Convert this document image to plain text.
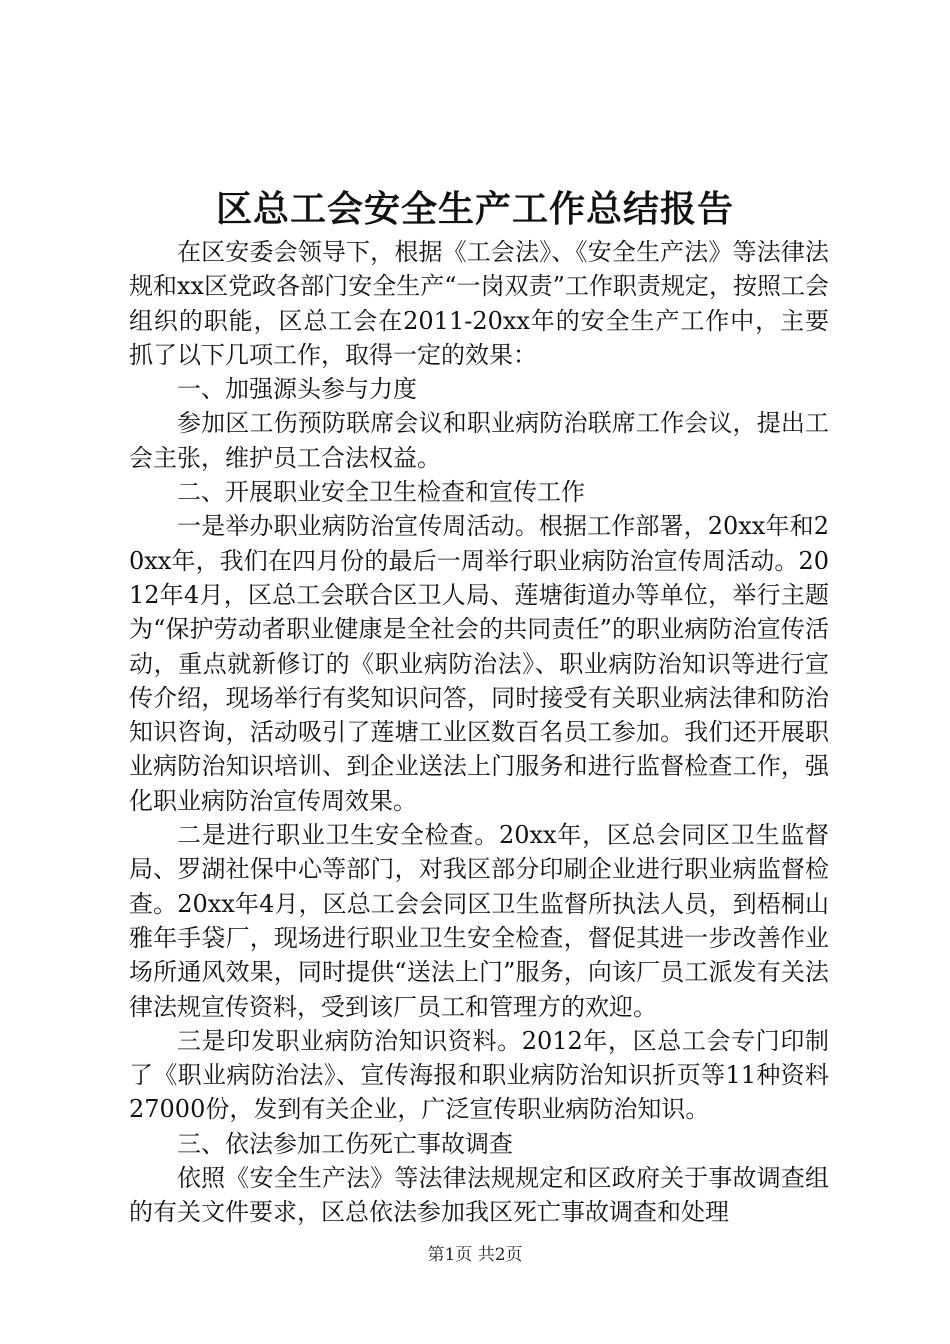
区总工会安全生产工作总结报告

在区安委会领导下，根据《工会法》、《安全生产法》等法律法规和xx区党政各部门安全生产“一岗双责”工作职责规定，按照工会组织的职能，区总工会在2011-20xx年的安全生产工作中，主要抓了以下几项工作，取得一定的效果：

一、加强源头参与力度

参加区工伤预防联席会议和职业病防治联席工作会议，提出工会主张，维护员工合法权益。

二、开展职业安全卫生检查和宣传工作

一是举办职业病防治宣传周活动。根据工作部署，20xx年和20xx年，我们在四月份的最后一周举行职业病防治宣传周活动。2012年4月，区总工会联合区卫人局、莲塘街道办等单位，举行主题为“保护劳动者职业健康是全社会的共同责任”的职业病防治宣传活动，重点就新修订的《职业病防治法》、职业病防治知识等进行宣传介绍，现场举行有奖知识问答，同时接受有关职业病法律和防治知识咨询，活动吸引了莲塘工业区数百名员工参加。我们还开展职业病防治知识培训、到企业送法上门服务和进行监督检查工作，强化职业病防治宣传周效果。

二是进行职业卫生安全检查。20xx年，区总会同区卫生监督局、罗湖社保中心等部门，对我区部分印刷企业进行职业病监督检查。20xx年4月，区总工会会同区卫生监督所执法人员，到梧桐山雅年手袋厂，现场进行职业卫生安全检查，督促其进一步改善作业场所通风效果，同时提供“送法上门”服务，向该厂员工派发有关法律法规宣传资料，受到该厂员工和管理方的欢迎。

三是印发职业病防治知识资料。2012年，区总工会专门印制了《职业病防治法》、宣传海报和职业病防治知识折页等11种资料27000份，发到有关企业，广泛宣传职业病防治知识。

三、依法参加工伤死亡事故调查

依照《安全生产法》等法律法规规定和区政府关于事故调查组的有关文件要求，区总依法参加我区死亡事故调查和处理

第1页 共2页
